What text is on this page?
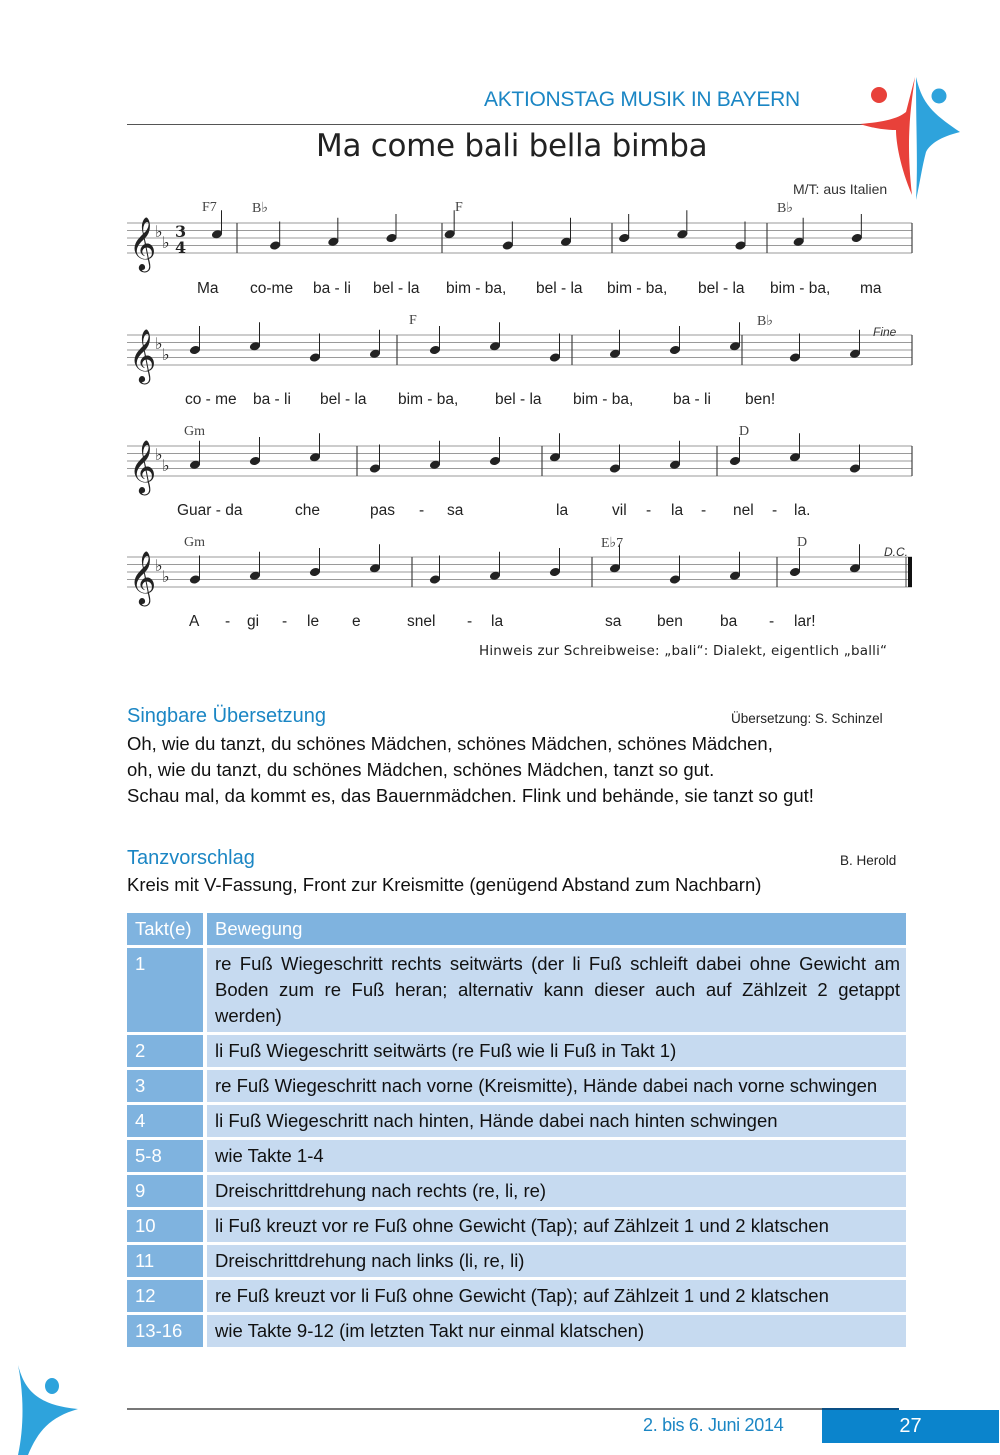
AKTIONSTAG MUSIK IN BAYERN
Ma come bali bella bimba
M/T: aus Italien
𝄞
♭
♭
3
4
𝄞
♭
♭
𝄞
♭
♭
𝄞
♭
♭
F7	B♭	F	B♭
Ma co-me ba - li bel - la bim - ba, bel - la bim - ba, bel - la bim - ba, ma
F	B♭
Fine
co - me ba - li bel - la bim - ba, bel - la bim - ba,	ba - li ben!
Gm	D
Guar - da	che	pas - sa	la	vil - la - nel - la.
Gm	E♭7	D
D.C.
A - gi - le e	snel - la	sa ben ba - lar!
Hinweis zur Schreibweise: „bali“: Dialekt, eigentlich „balli“
Singbare Übersetzung	Übersetzung: S. Schinzel
Oh, wie du tanzt, du schönes Mädchen, schönes Mädchen, schönes Mädchen,
oh, wie du tanzt, du schönes Mädchen, schönes Mädchen, tanzt so gut.
Schau mal, da kommt es, das Bauernmädchen. Flink und behände, sie tanzt so gut!
Tanzvorschlag	B. Herold
Kreis mit V-Fassung, Front zur Kreismitte (genügend Abstand zum Nachbarn)
Takt(e)	Bewegung
1	re Fuß Wiegeschritt rechts seitwärts (der li Fuß schleift dabei ohne Gewicht am Boden zum re Fuß heran; alternativ kann dieser auch auf Zählzeit 2 getappt werden)
2	li Fuß Wiegeschritt seitwärts (re Fuß wie li Fuß in Takt 1)
3	re Fuß Wiegeschritt nach vorne (Kreismitte), Hände dabei nach vorne schwingen
4	li Fuß Wiegeschritt nach hinten, Hände dabei nach hinten schwingen
5-8	wie Takte 1-4
9	Dreischrittdrehung nach rechts (re, li, re)
10	li Fuß kreuzt vor re Fuß ohne Gewicht (Tap); auf Zählzeit 1 und 2 klatschen
11	Dreischrittdrehung nach links (li, re, li)
12	re Fuß kreuzt vor li Fuß ohne Gewicht (Tap); auf Zählzeit 1 und 2 klatschen
13-16	wie Takte 9-12 (im letzten Takt nur einmal klatschen)
2. bis 6. Juni 2014	27
